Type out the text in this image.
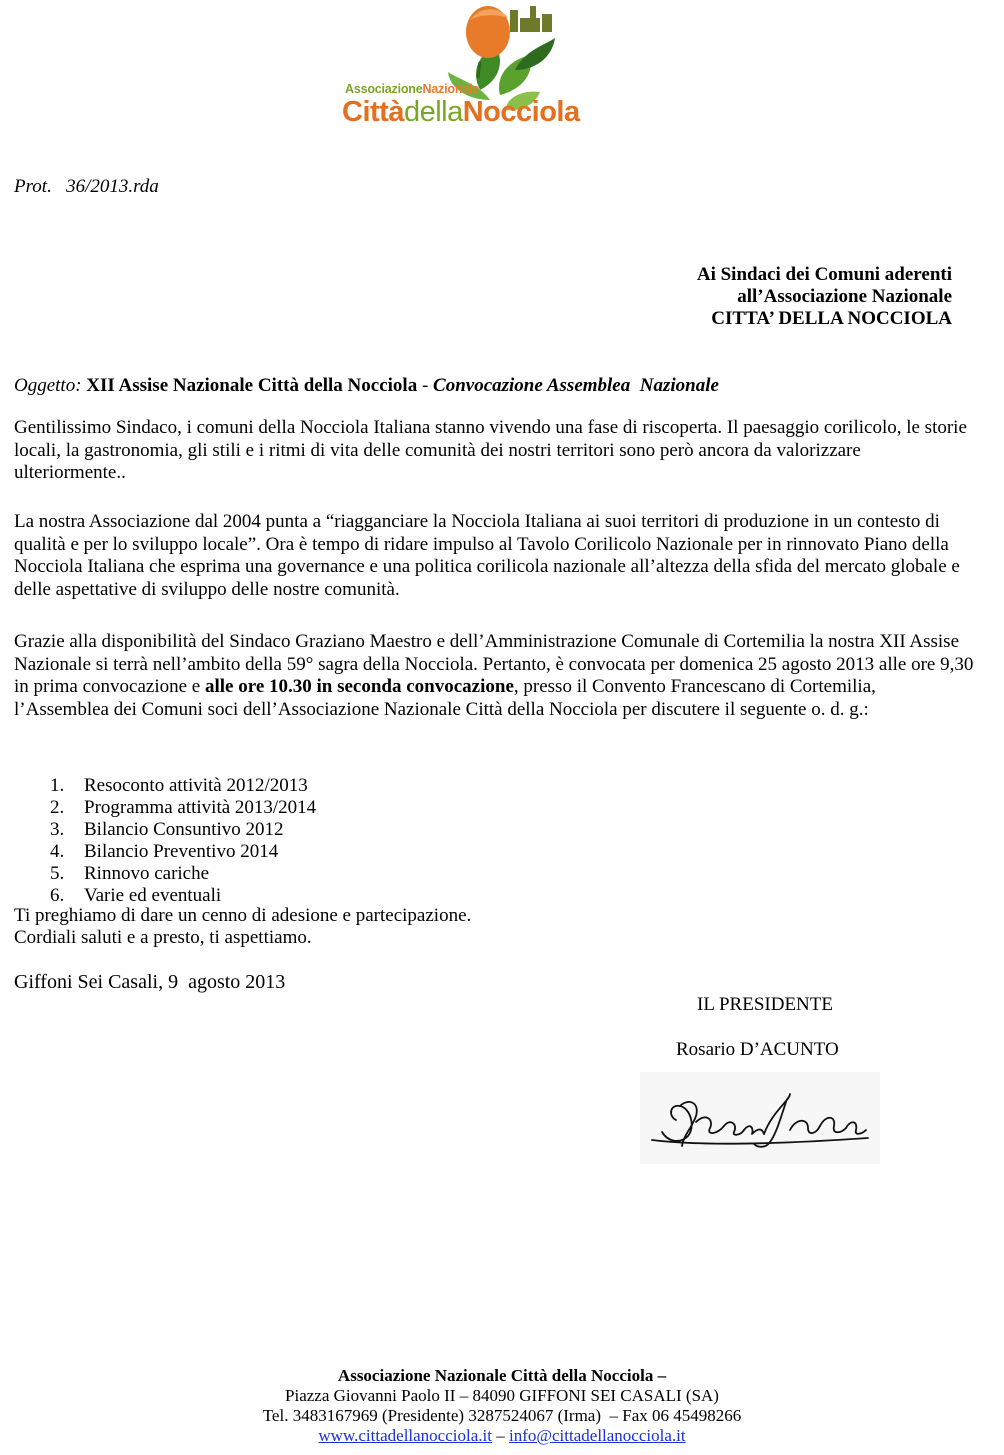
AssociazioneNazionale
CittàdellaNocciola
Prot.   36/2013.rda
Ai Sindaci dei Comuni aderenti
all’Associazione Nazionale
CITTA’ DELLA NOCCIOLA
Oggetto: XII Assise Nazionale Città della Nocciola - Convocazione Assemblea  Nazionale
Gentilissimo Sindaco, i comuni della Nocciola Italiana stanno vivendo una fase di riscoperta. Il paesaggio corilicolo, le storie locali, la gastronomia, gli stili e i ritmi di vita delle comunità dei nostri territori sono però ancora da valorizzare ulteriormente..
La nostra Associazione dal 2004 punta a “riagganciare la Nocciola Italiana ai suoi territori di produzione in un contesto di qualità e per lo sviluppo locale”. Ora è tempo di ridare impulso al Tavolo Corilicolo Nazionale per in rinnovato Piano della Nocciola Italiana che esprima una governance e una politica corilicola nazionale all’altezza della sfida del mercato globale e delle aspettative di sviluppo delle nostre comunità.
Grazie alla disponibilità del Sindaco Graziano Maestro e dell’Amministrazione Comunale di Cortemilia la nostra XII Assise Nazionale si terrà nell’ambito della 59° sagra della Nocciola. Pertanto, è convocata per domenica 25 agosto 2013 alle ore 9,30 in prima convocazione e alle ore 10.30 in seconda convocazione, presso il Convento Francescano di Cortemilia, l’Assemblea dei Comuni soci dell’Associazione Nazionale Città della Nocciola per discutere il seguente o. d. g.:
1.	Resoconto attività 2012/2013
2.	Programma attività 2013/2014
3.	Bilancio Consuntivo 2012
4.	Bilancio Preventivo 2014
5.	Rinnovo cariche
6.	Varie ed eventuali
Ti preghiamo di dare un cenno di adesione e partecipazione.
Cordiali saluti e a presto, ti aspettiamo.
Giffoni Sei Casali, 9  agosto 2013
IL PRESIDENTE
Rosario D’ACUNTO
Associazione Nazionale Città della Nocciola –
Piazza Giovanni Paolo II – 84090 GIFFONI SEI CASALI (SA)
Tel. 3483167969 (Presidente) 3287524067 (Irma)  – Fax 06 45498266
www.cittadellanocciola.it – info@cittadellanocciola.it
